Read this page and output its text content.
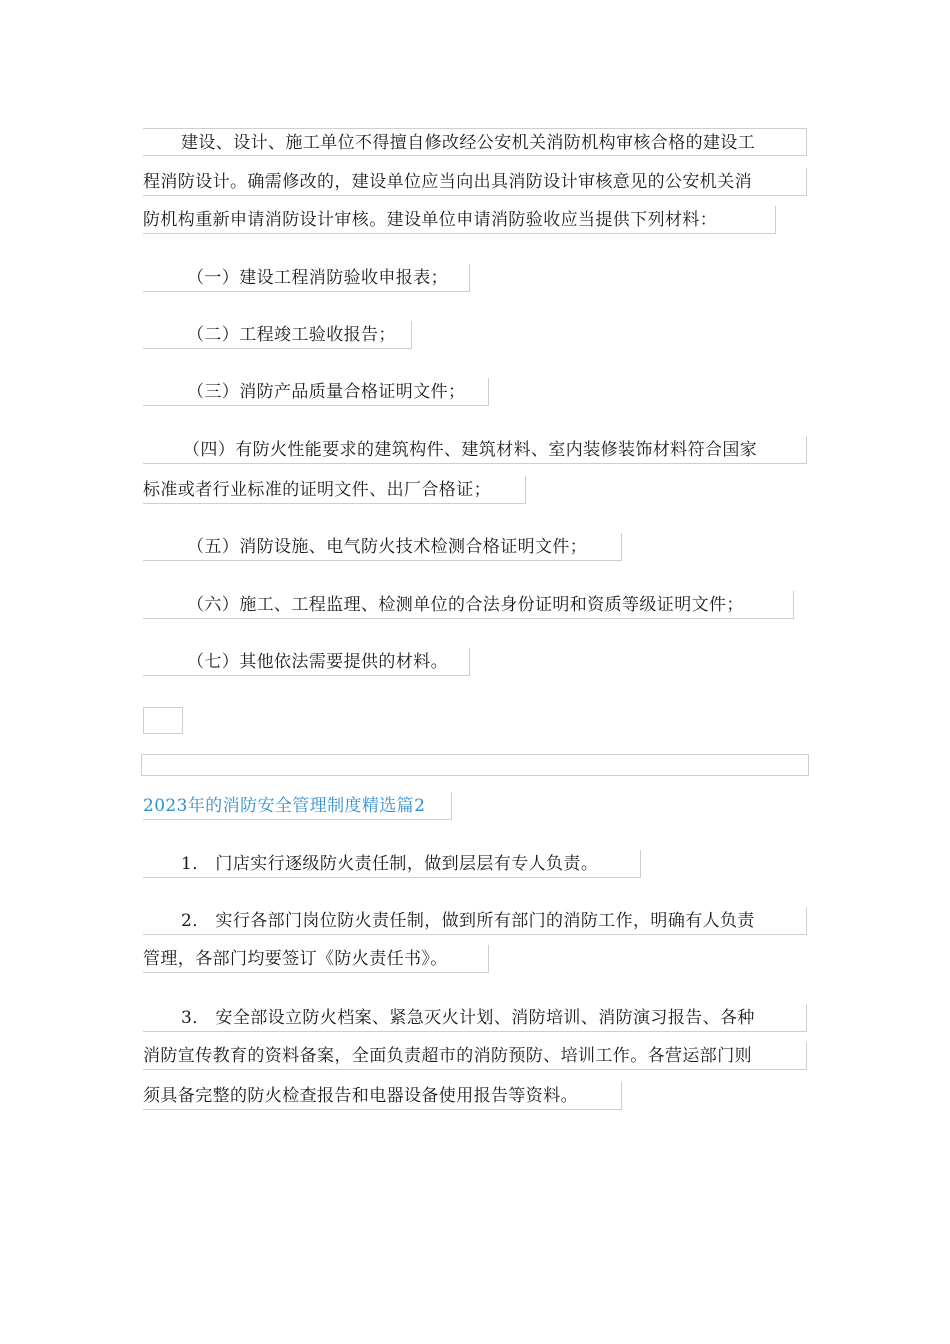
建设、设计、施工单位不得擅自修改经公安机关消防机构审核合格的建设工
程消防设计。确需修改的，建设单位应当向出具消防设计审核意见的公安机关消
防机构重新申请消防设计审核。建设单位申请消防验收应当提供下列材料：
（一）建设工程消防验收申报表；
（二）工程竣工验收报告；
（三）消防产品质量合格证明文件；
（四）有防火性能要求的建筑构件、建筑材料、室内装修装饰材料符合国家
标准或者行业标准的证明文件、出厂合格证；
（五）消防设施、电气防火技术检测合格证明文件；
（六）施工、工程监理、检测单位的合法身份证明和资质等级证明文件；
（七）其他依法需要提供的材料。
2023年的消防安全管理制度精选篇2
1． 门店实行逐级防火责任制，做到层层有专人负责。
2． 实行各部门岗位防火责任制，做到所有部门的消防工作，明确有人负责
管理，各部门均要签订《防火责任书》。
3． 安全部设立防火档案、紧急灭火计划、消防培训、消防演习报告、各种
消防宣传教育的资料备案，全面负责超市的消防预防、培训工作。各营运部门则
须具备完整的防火检查报告和电器设备使用报告等资料。
